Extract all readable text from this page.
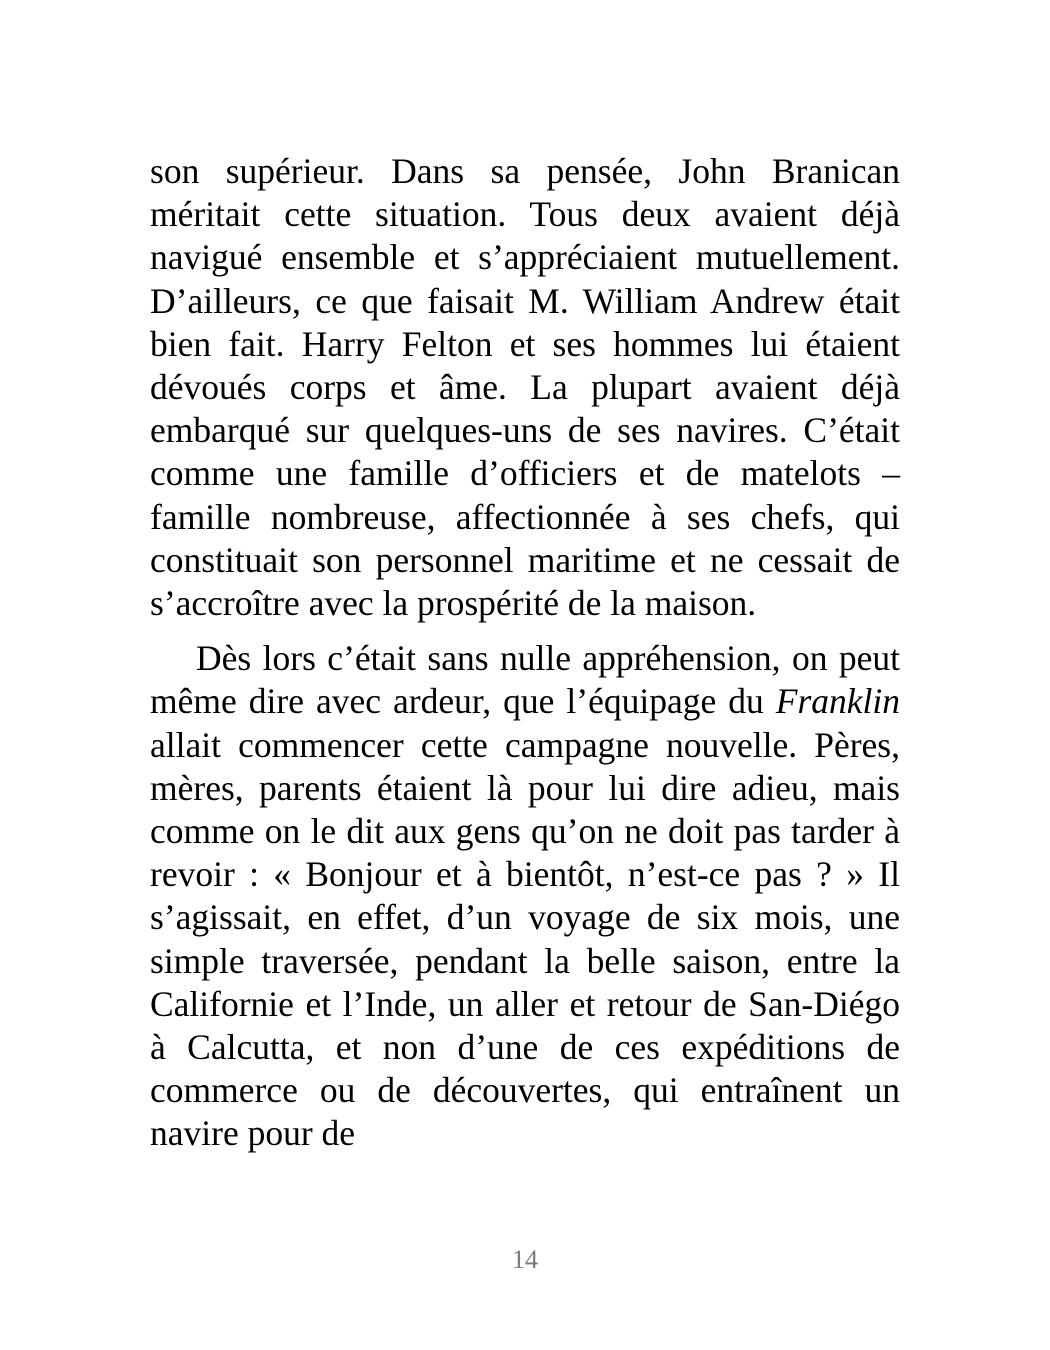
son supérieur. Dans sa pensée, John Branican méritait cette situation. Tous deux avaient déjà navigué ensemble et s’appréciaient mutuellement. D’ailleurs, ce que faisait M. William Andrew était bien fait. Harry Felton et ses hommes lui étaient dévoués corps et âme. La plupart avaient déjà embarqué sur quelques-uns de ses navires. C’était comme une famille d’officiers et de matelots – famille nombreuse, affectionnée à ses chefs, qui constituait son personnel maritime et ne cessait de s’accroître avec la prospérité de la maison.

Dès lors c’était sans nulle appréhension, on peut même dire avec ardeur, que l’équipage du Franklin allait commencer cette campagne nouvelle. Pères, mères, parents étaient là pour lui dire adieu, mais comme on le dit aux gens qu’on ne doit pas tarder à revoir : « Bonjour et à bientôt, n’est-ce pas ? » Il s’agissait, en effet, d’un voyage de six mois, une simple traversée, pendant la belle saison, entre la Californie et l’Inde, un aller et retour de San-Diégo à Calcutta, et non d’une de ces expéditions de commerce ou de découvertes, qui entraînent un navire pour de

14
